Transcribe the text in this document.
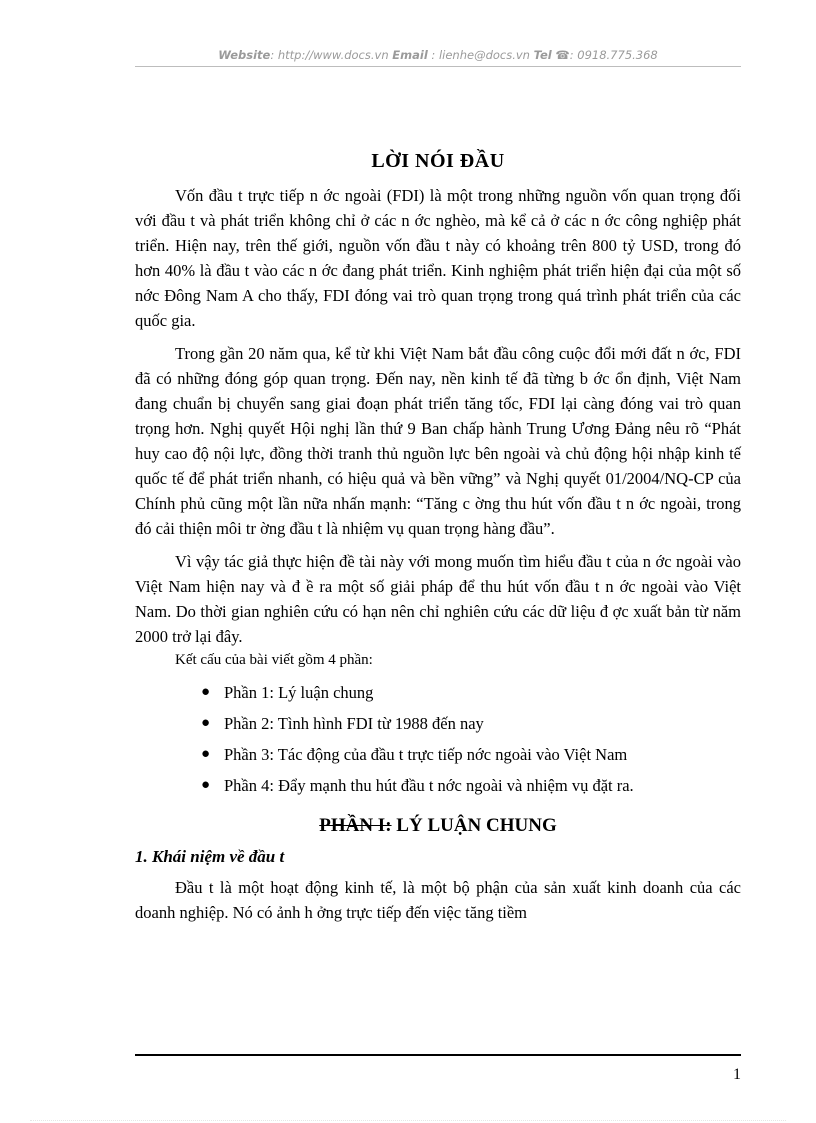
Website: http://www.docs.vn Email : lienhe@docs.vn Tel ☎: 0918.775.368
LỜI NÓI ĐẦU

Vốn đầu t trực tiếp n ớc ngoài (FDI) là một trong những nguồn vốn quan trọng đối với đầu t và phát triển không chỉ ở các n ớc nghèo, mà kể cả ở các n ớc công nghiệp phát triển. Hiện nay, trên thế giới, nguồn vốn đầu t này có khoảng trên 800 tỷ USD, trong đó hơn 40% là đầu t vào các n ớc đang phát triển. Kinh nghiệm phát triển hiện đại của một số nớc Đông Nam A cho thấy, FDI đóng vai trò quan trọng trong quá trình phát triển của các quốc gia.

Trong gần 20 năm qua, kể từ khi Việt Nam bắt đầu công cuộc đổi mới đất n ớc, FDI đã có những đóng góp quan trọng. Đến nay, nền kinh tế đã từng b ớc ổn định, Việt Nam đang chuẩn bị chuyển sang giai đoạn phát triển tăng tốc, FDI lại càng đóng vai trò quan trọng hơn. Nghị quyết Hội nghị lần thứ 9 Ban chấp hành Trung Ương Đảng nêu rõ “Phát huy cao độ nội lực, đồng thời tranh thủ nguồn lực bên ngoài và chủ động hội nhập kinh tế quốc tế để phát triển nhanh, có hiệu quả và bền vững” và Nghị quyết 01/2004/NQ-CP của Chính phủ cũng một lần nữa nhấn mạnh: “Tăng c ờng thu hút vốn đầu t n ớc ngoài, trong đó cải thiện môi tr ờng đầu t là nhiệm vụ quan trọng hàng đầu”.

Vì vậy tác giả thực hiện đề tài này với mong muốn tìm hiểu đầu t của n ớc ngoài vào Việt Nam hiện nay và đ ề ra một số giải pháp để thu hút vốn đầu t n ớc ngoài vào Việt Nam. Do thời gian nghiên cứu có hạn nên chỉ nghiên cứu các dữ liệu đ ợc xuất bản từ năm 2000 trở lại đây.

Kết cấu của bài viết gồm 4 phần:
● Phần 1: Lý luận chung
● Phần 2: Tình hình FDI từ 1988 đến nay
● Phần 3: Tác động của đầu t trực tiếp nớc ngoài vào Việt Nam
● Phần 4: Đẩy mạnh thu hút đầu t nớc ngoài và nhiệm vụ đặt ra.
PHẦN I: LÝ LUẬN CHUNG
1. Khái niệm về đầu t

Đầu t là một hoạt động kinh tế, là một bộ phận của sản xuất kinh doanh của các doanh nghiệp. Nó có ảnh h ởng trực tiếp đến việc tăng tiềm

1
